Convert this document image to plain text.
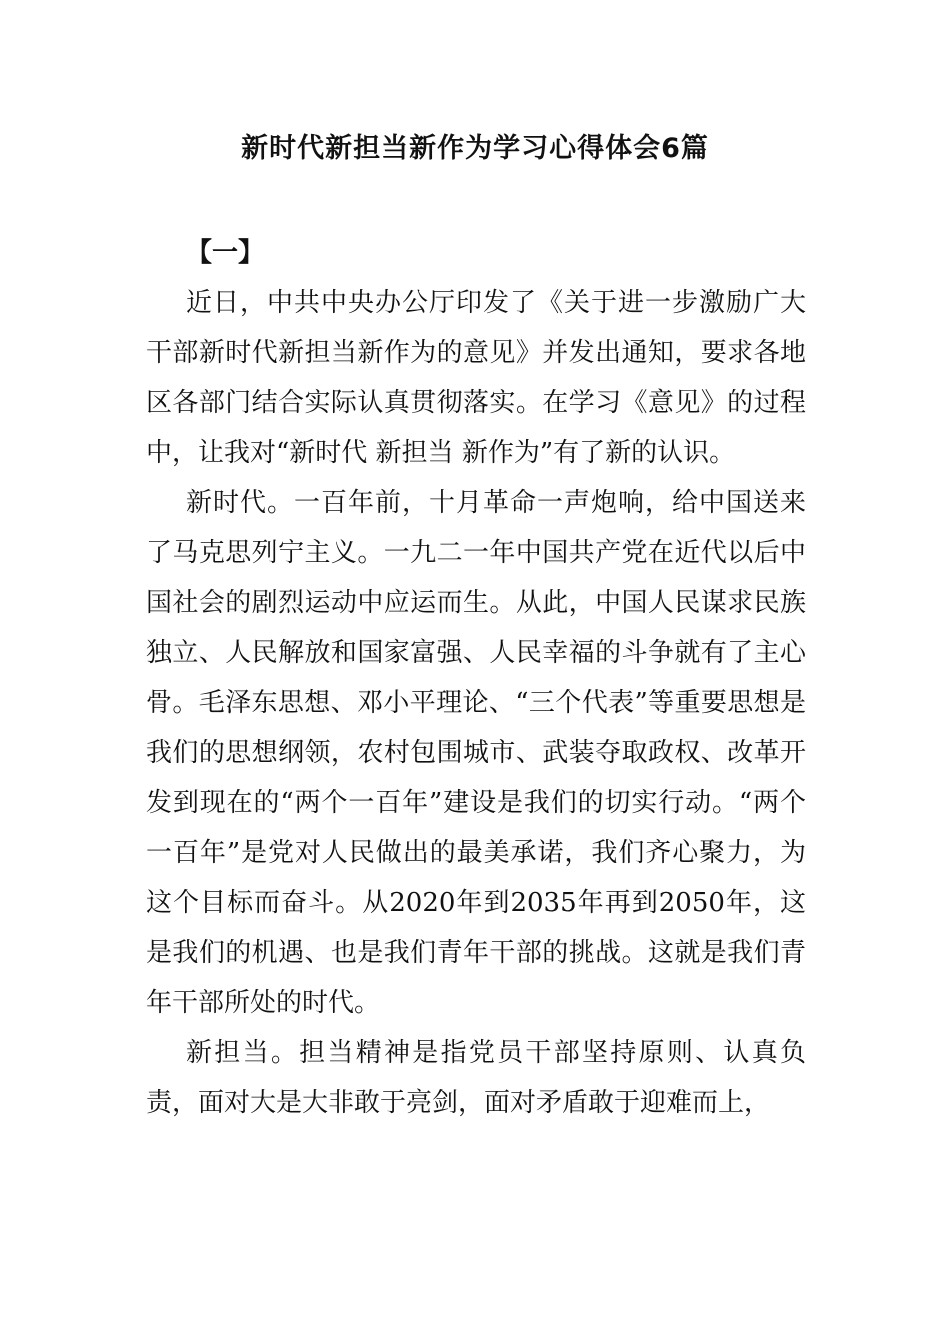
新时代新担当新作为学习心得体会6篇
【一】

近日，中共中央办公厅印发了《关于进一步激励广大干部新时代新担当新作为的意见》并发出通知，要求各地区各部门结合实际认真贯彻落实。在学习《意见》的过程中，让我对“新时代 新担当 新作为”有了新的认识。

新时代。一百年前，十月革命一声炮响，给中国送来了马克思列宁主义。一九二一年中国共产党在近代以后中国社会的剧烈运动中应运而生。从此，中国人民谋求民族独立、人民解放和国家富强、人民幸福的斗争就有了主心骨。毛泽东思想、邓小平理论、“三个代表”等重要思想是我们的思想纲领，农村包围城市、武装夺取政权、改革开发到现在的“两个一百年”建设是我们的切实行动。“两个一百年”是党对人民做出的最美承诺，我们齐心聚力，为这个目标而奋斗。从2020年到2035年再到2050年，这是我们的机遇、也是我们青年干部的挑战。这就是我们青年干部所处的时代。

新担当。担当精神是指党员干部坚持原则、认真负责，面对大是大非敢于亮剑，面对矛盾敢于迎难而上，
